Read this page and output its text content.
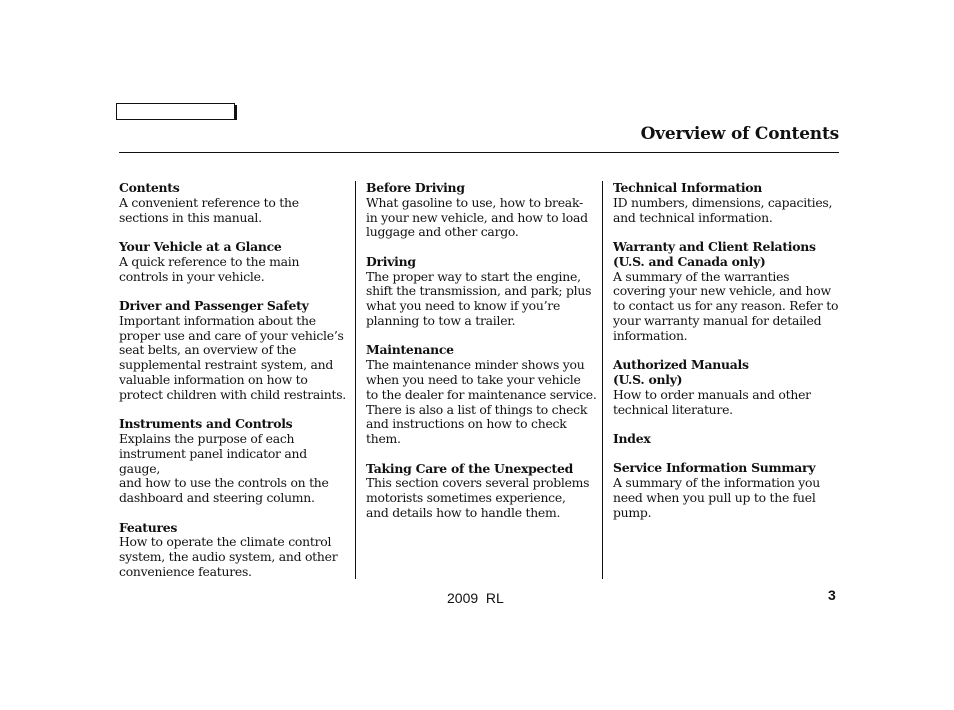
Overview of Contents
Contents
A convenient reference to the
sections in this manual.
Your Vehicle at a Glance
A quick reference to the main
controls in your vehicle.
Driver and Passenger Safety
Important information about the
proper use and care of your vehicle’s
seat belts, an overview of the
supplemental restraint system, and
valuable information on how to
protect children with child restraints.
Instruments and Controls
Explains the purpose of each
instrument panel indicator and gauge,
and how to use the controls on the
dashboard and steering column.
Features
How to operate the climate control
system, the audio system, and other
convenience features.
Before Driving
What gasoline to use, how to break-
in your new vehicle, and how to load
luggage and other cargo.
Driving
The proper way to start the engine,
shift the transmission, and park; plus
what you need to know if you’re
planning to tow a trailer.
Maintenance
The maintenance minder shows you
when you need to take your vehicle
to the dealer for maintenance service.
There is also a list of things to check
and instructions on how to check
them.
Taking Care of the Unexpected
This section covers several problems
motorists sometimes experience,
and details how to handle them.
Technical Information
ID numbers, dimensions, capacities,
and technical information.
Warranty and Client Relations
(U.S. and Canada only)
A summary of the warranties
covering your new vehicle, and how
to contact us for any reason. Refer to
your warranty manual for detailed
information.
Authorized Manuals
(U.S. only)
How to order manuals and other
technical literature.
Index
Service Information Summary
A summary of the information you
need when you pull up to the fuel
pump.
2009  RL	3
